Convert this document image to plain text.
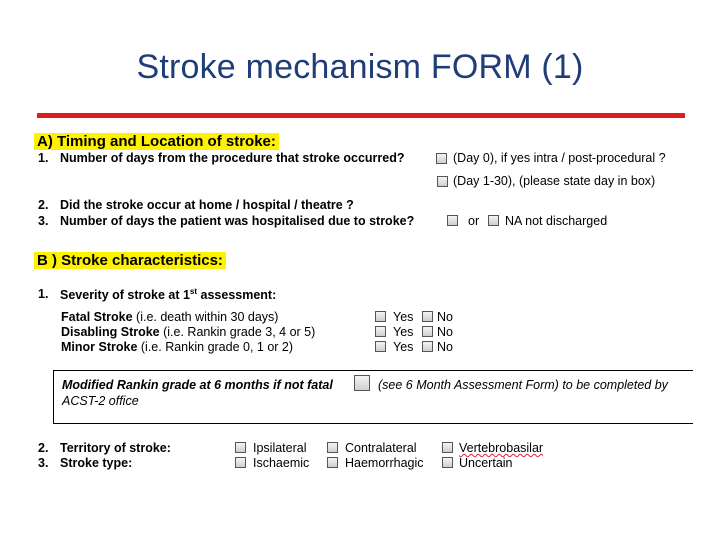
Stroke mechanism FORM (1)
A) Timing and Location of stroke:
1. Number of days from the procedure that stroke occurred?	(Day 0), if yes intra / post-procedural ?
(Day 1-30), (please state day in box)
2. Did the stroke occur at home / hospital / theatre ?
3. Number of days the patient was hospitalised due to stroke?	or NA not discharged
B ) Stroke characteristics:
1. Severity of stroke at 1st assessment:
Fatal Stroke (i.e. death within 30 days)	Yes No
Disabling Stroke (i.e. Rankin grade 3, 4 or 5)	Yes No
Minor Stroke (i.e. Rankin grade 0, 1 or 2)	Yes No
Modified Rankin grade at 6 months if not fatal	(see 6 Month Assessment Form) to be completed by
ACST-2 office
2. Territory of stroke:	Ipsilateral	Contralateral	Vertebrobasilar
3. Stroke type:	Ischaemic	Haemorrhagic	Uncertain
